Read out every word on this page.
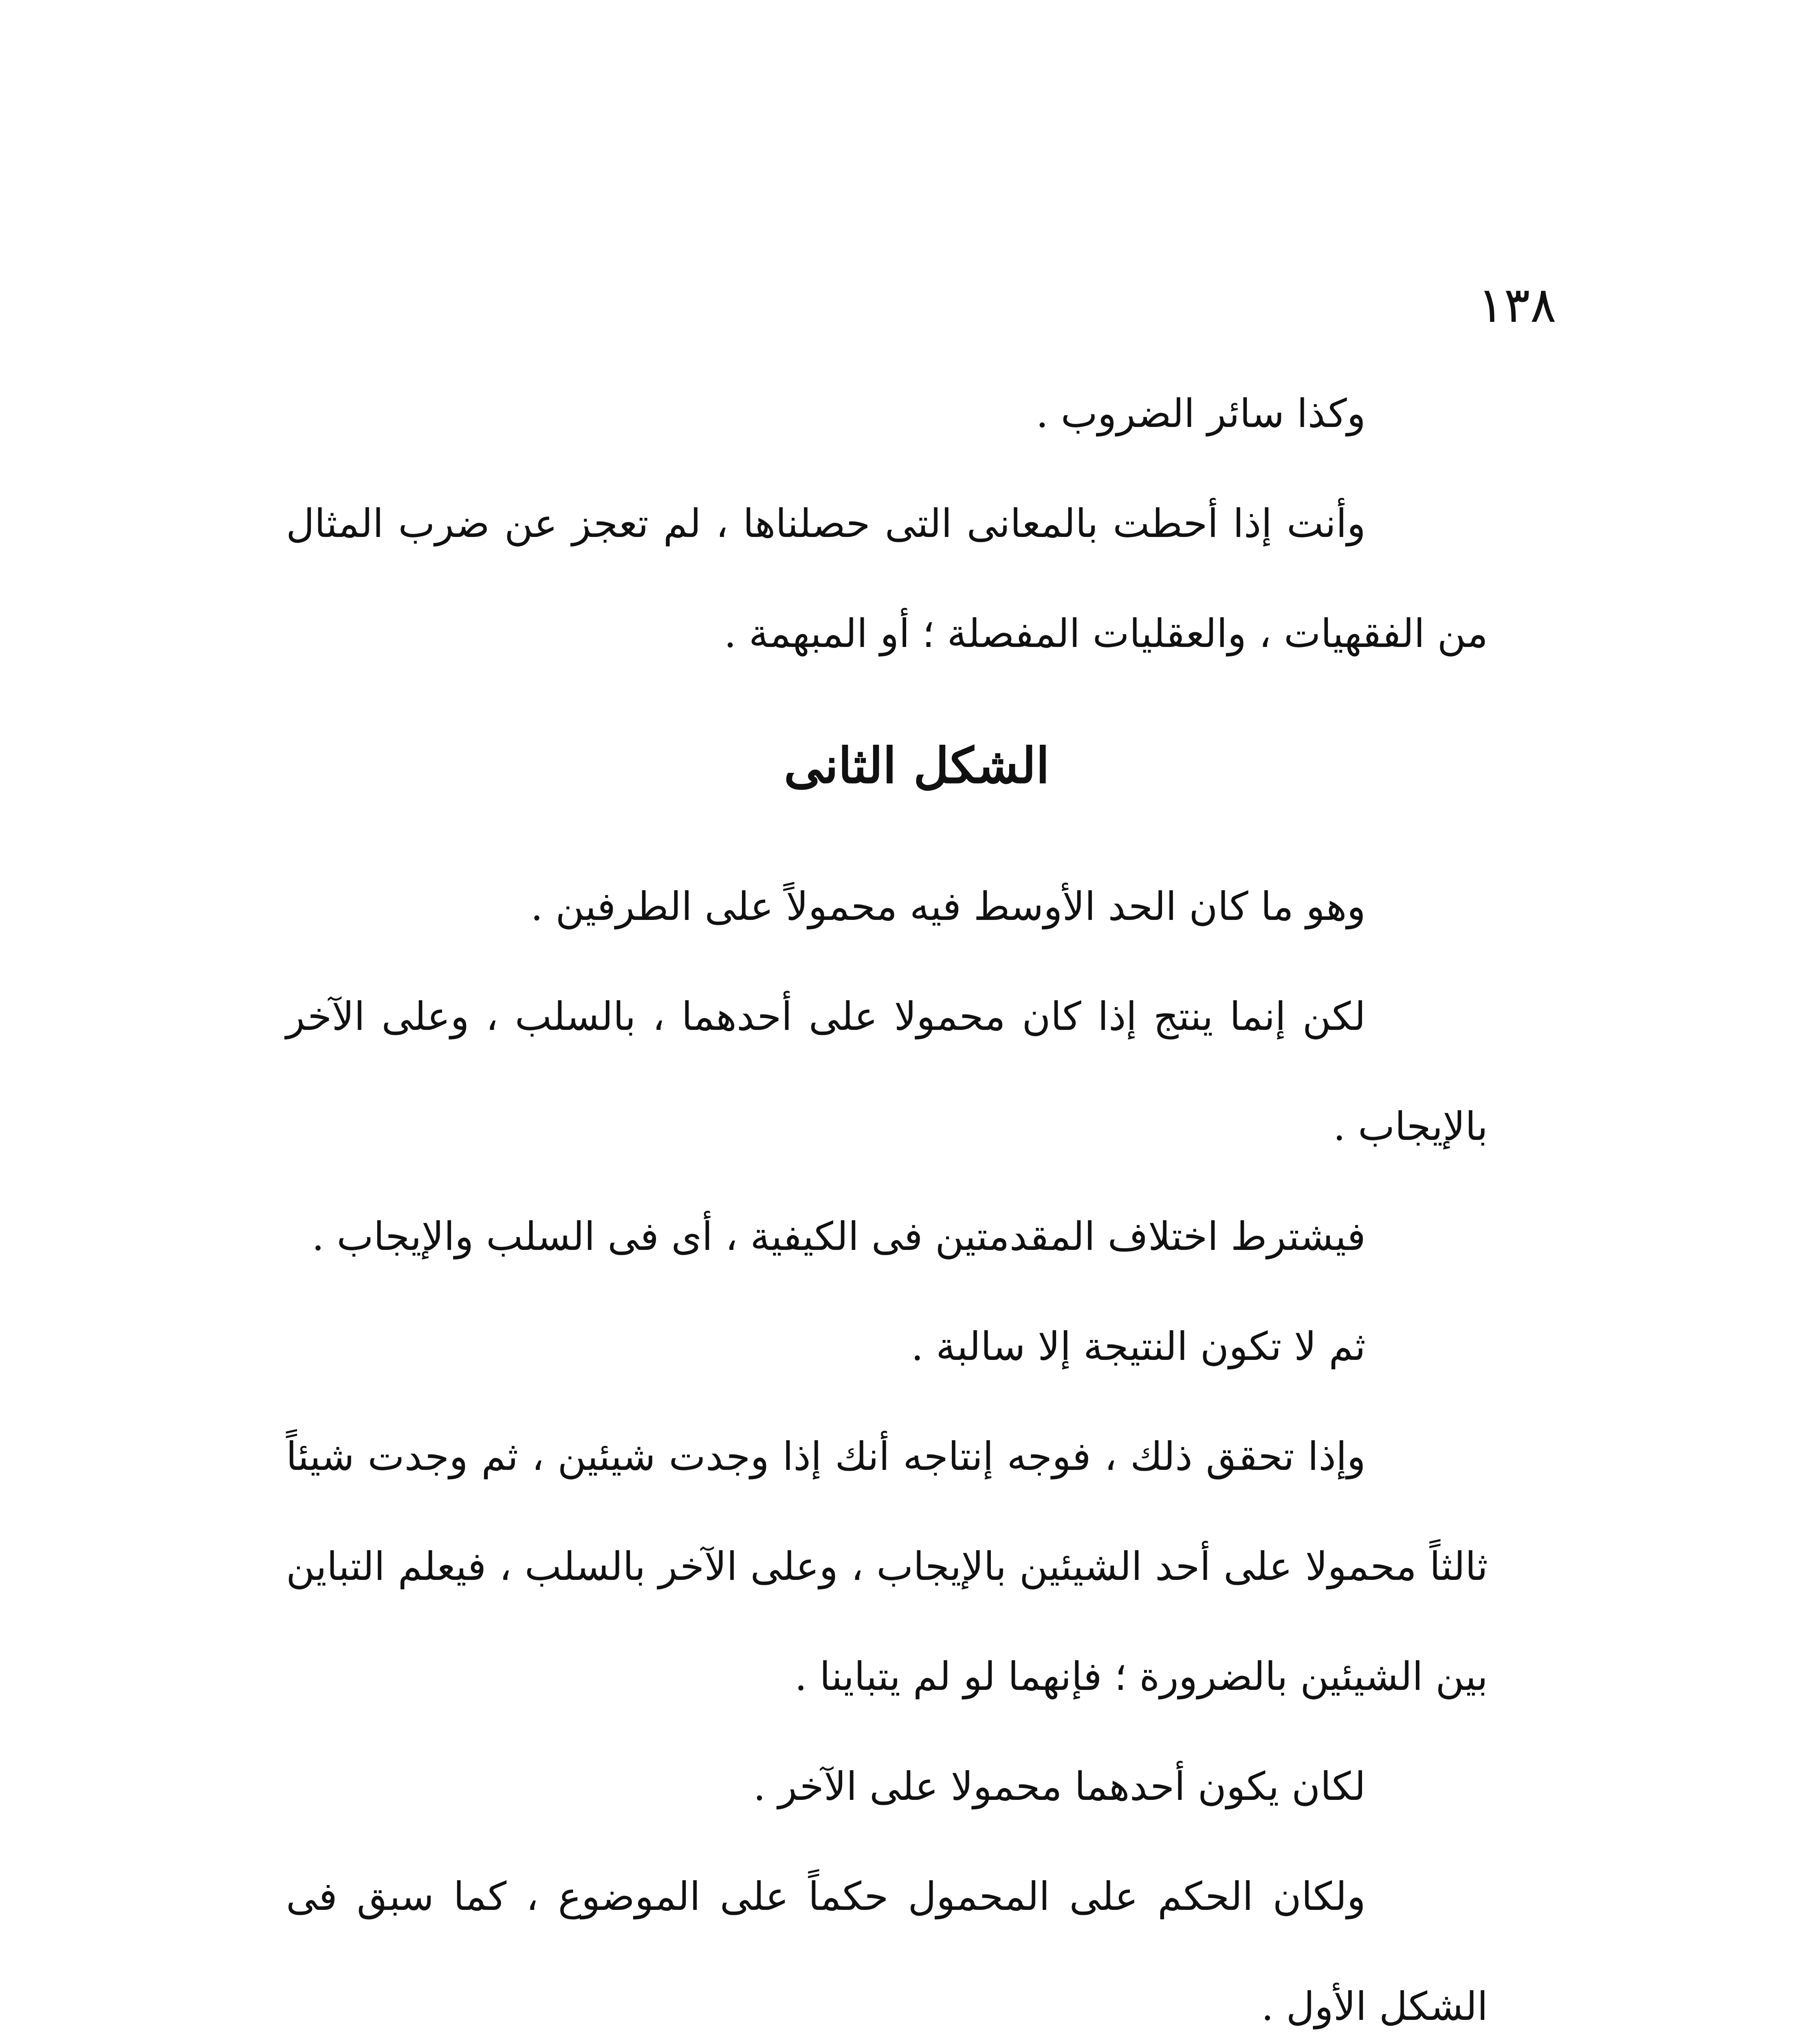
١٣٨

وكذا سائر الضروب .

وأنت إذا أحطت بالمعانى التى حصلناها ، لم تعجز عن ضرب المثال من الفقهيات ، والعقليات المفصلة ؛ أو المبهمة .

الشكل الثانى

وهو ما كان الحد الأوسط فيه محمولاً على الطرفين .

لكن إنما ينتج إذا كان محمولا على أحدهما ، بالسلب ، وعلى الآخر بالإيجاب .

فيشترط اختلاف المقدمتين فى الكيفية ، أى فى السلب والإيجاب .

ثم لا تكون النتيجة إلا سالبة .

وإذا تحقق ذلك ، فوجه إنتاجه أنك إذا وجدت شيئين ، ثم وجدت شيئاً ثالثاً محمولا على أحد الشيئين بالإيجاب ، وعلى الآخر بالسلب ، فيعلم التباين بين الشيئين بالضرورة ؛ فإنهما لو لم يتباينا .

لكان يكون أحدهما محمولا على الآخر .

ولكان الحكم على المحمول حكماً على الموضوع ، كما سبق فى الشكل الأول .
